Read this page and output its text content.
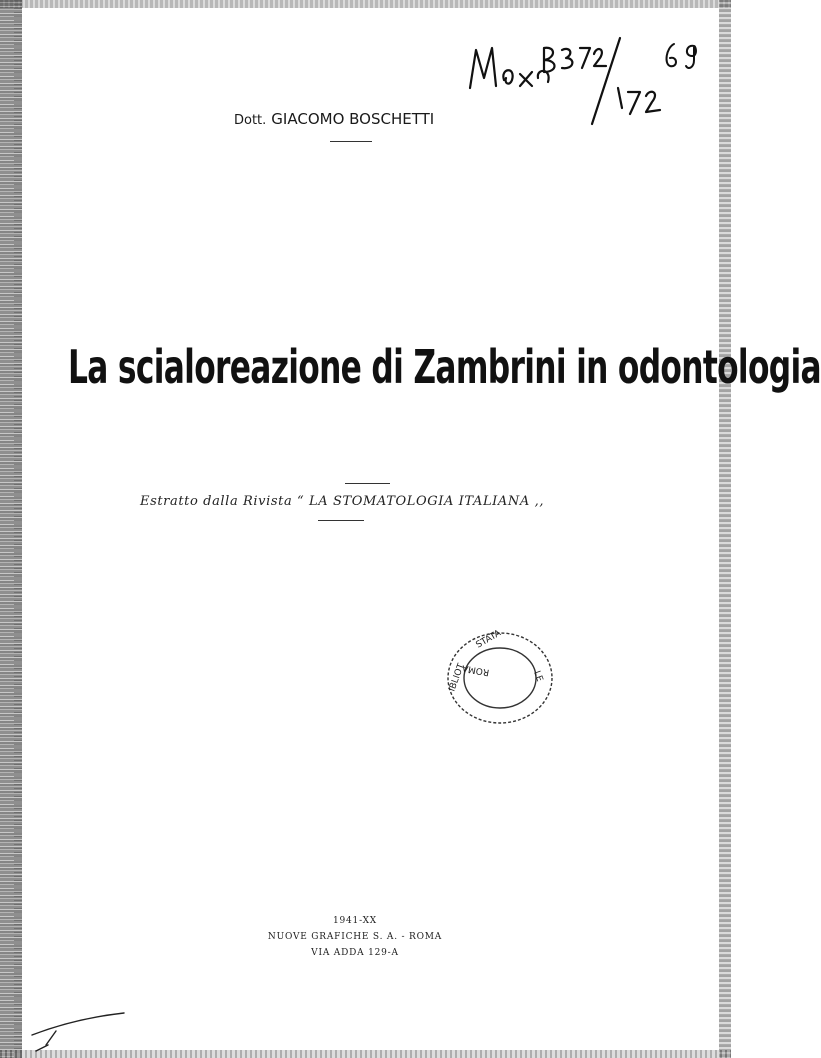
Dott. GIACOMO BOSCHETTI
La scialoreazione di Zambrini in odontologia
Estratto dalla Rivista “ LA STOMATOLOGIA ITALIANA ,,
STATA
IBLIOT	LE
ROMA
1941-XX
NUOVE GRAFICHE S. A. - ROMA
VIA ADDA 129-A
